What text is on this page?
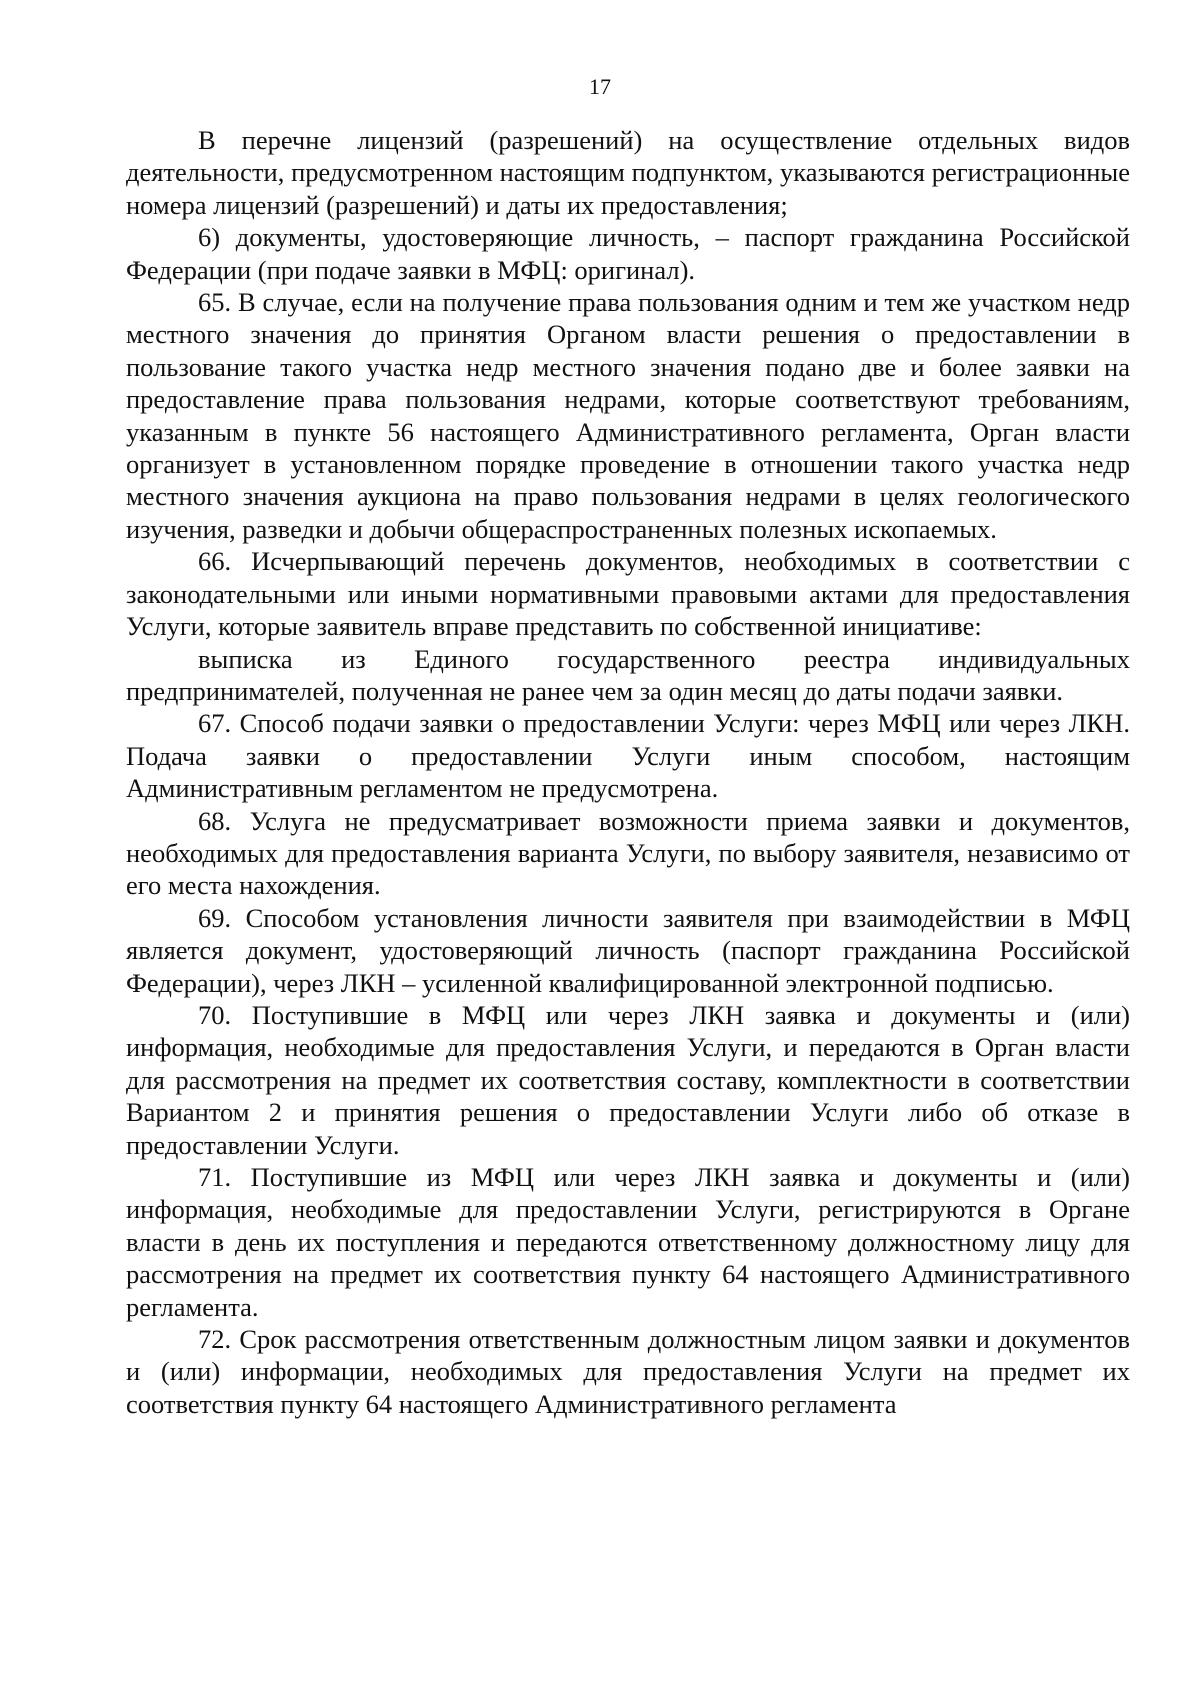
17

В перечне лицензий (разрешений) на осуществление отдельных видов деятельности, предусмотренном настоящим подпунктом, указываются регистрационные номера лицензий (разрешений) и даты их предоставления;

6) документы, удостоверяющие личность, – паспорт гражданина Российской Федерации (при подаче заявки в МФЦ: оригинал).

65. В случае, если на получение права пользования одним и тем же участком недр местного значения до принятия Органом власти решения о предоставлении в пользование такого участка недр местного значения подано две и более заявки на предоставление права пользования недрами, которые соответствуют требованиям, указанным в пункте 56 настоящего Административного регламента, Орган власти организует в установленном порядке проведение в отношении такого участка недр местного значения аукциона на право пользования недрами в целях геологического изучения, разведки и добычи общераспространенных полезных ископаемых.

66. Исчерпывающий перечень документов, необходимых в соответствии с законодательными или иными нормативными правовыми актами для предоставления Услуги, которые заявитель вправе представить по собственной инициативе:

выписка из Единого государственного реестра индивидуальных предпринимателей, полученная не ранее чем за один месяц до даты подачи заявки.

67. Способ подачи заявки о предоставлении Услуги: через МФЦ или через ЛКН. Подача заявки о предоставлении Услуги иным способом, настоящим Административным регламентом не предусмотрена.

68. Услуга не предусматривает возможности приема заявки и документов, необходимых для предоставления варианта Услуги, по выбору заявителя, независимо от его места нахождения.

69. Способом установления личности заявителя при взаимодействии в МФЦ является документ, удостоверяющий личность (паспорт гражданина Российской Федерации), через ЛКН – усиленной квалифицированной электронной подписью.

70. Поступившие в МФЦ или через ЛКН заявка и документы и (или) информация, необходимые для предоставления Услуги, и передаются в Орган власти для рассмотрения на предмет их соответствия составу, комплектности в соответствии Вариантом 2 и принятия решения о предоставлении Услуги либо об отказе в предоставлении Услуги.

71. Поступившие из МФЦ или через ЛКН заявка и документы и (или) информация, необходимые для предоставлении Услуги, регистрируются в Органе власти в день их поступления и передаются ответственному должностному лицу для рассмотрения на предмет их соответствия пункту 64 настоящего Административного регламента.

72. Срок рассмотрения ответственным должностным лицом заявки и документов и (или) информации, необходимых для предоставления Услуги на предмет их соответствия пункту 64 настоящего Административного регламента
